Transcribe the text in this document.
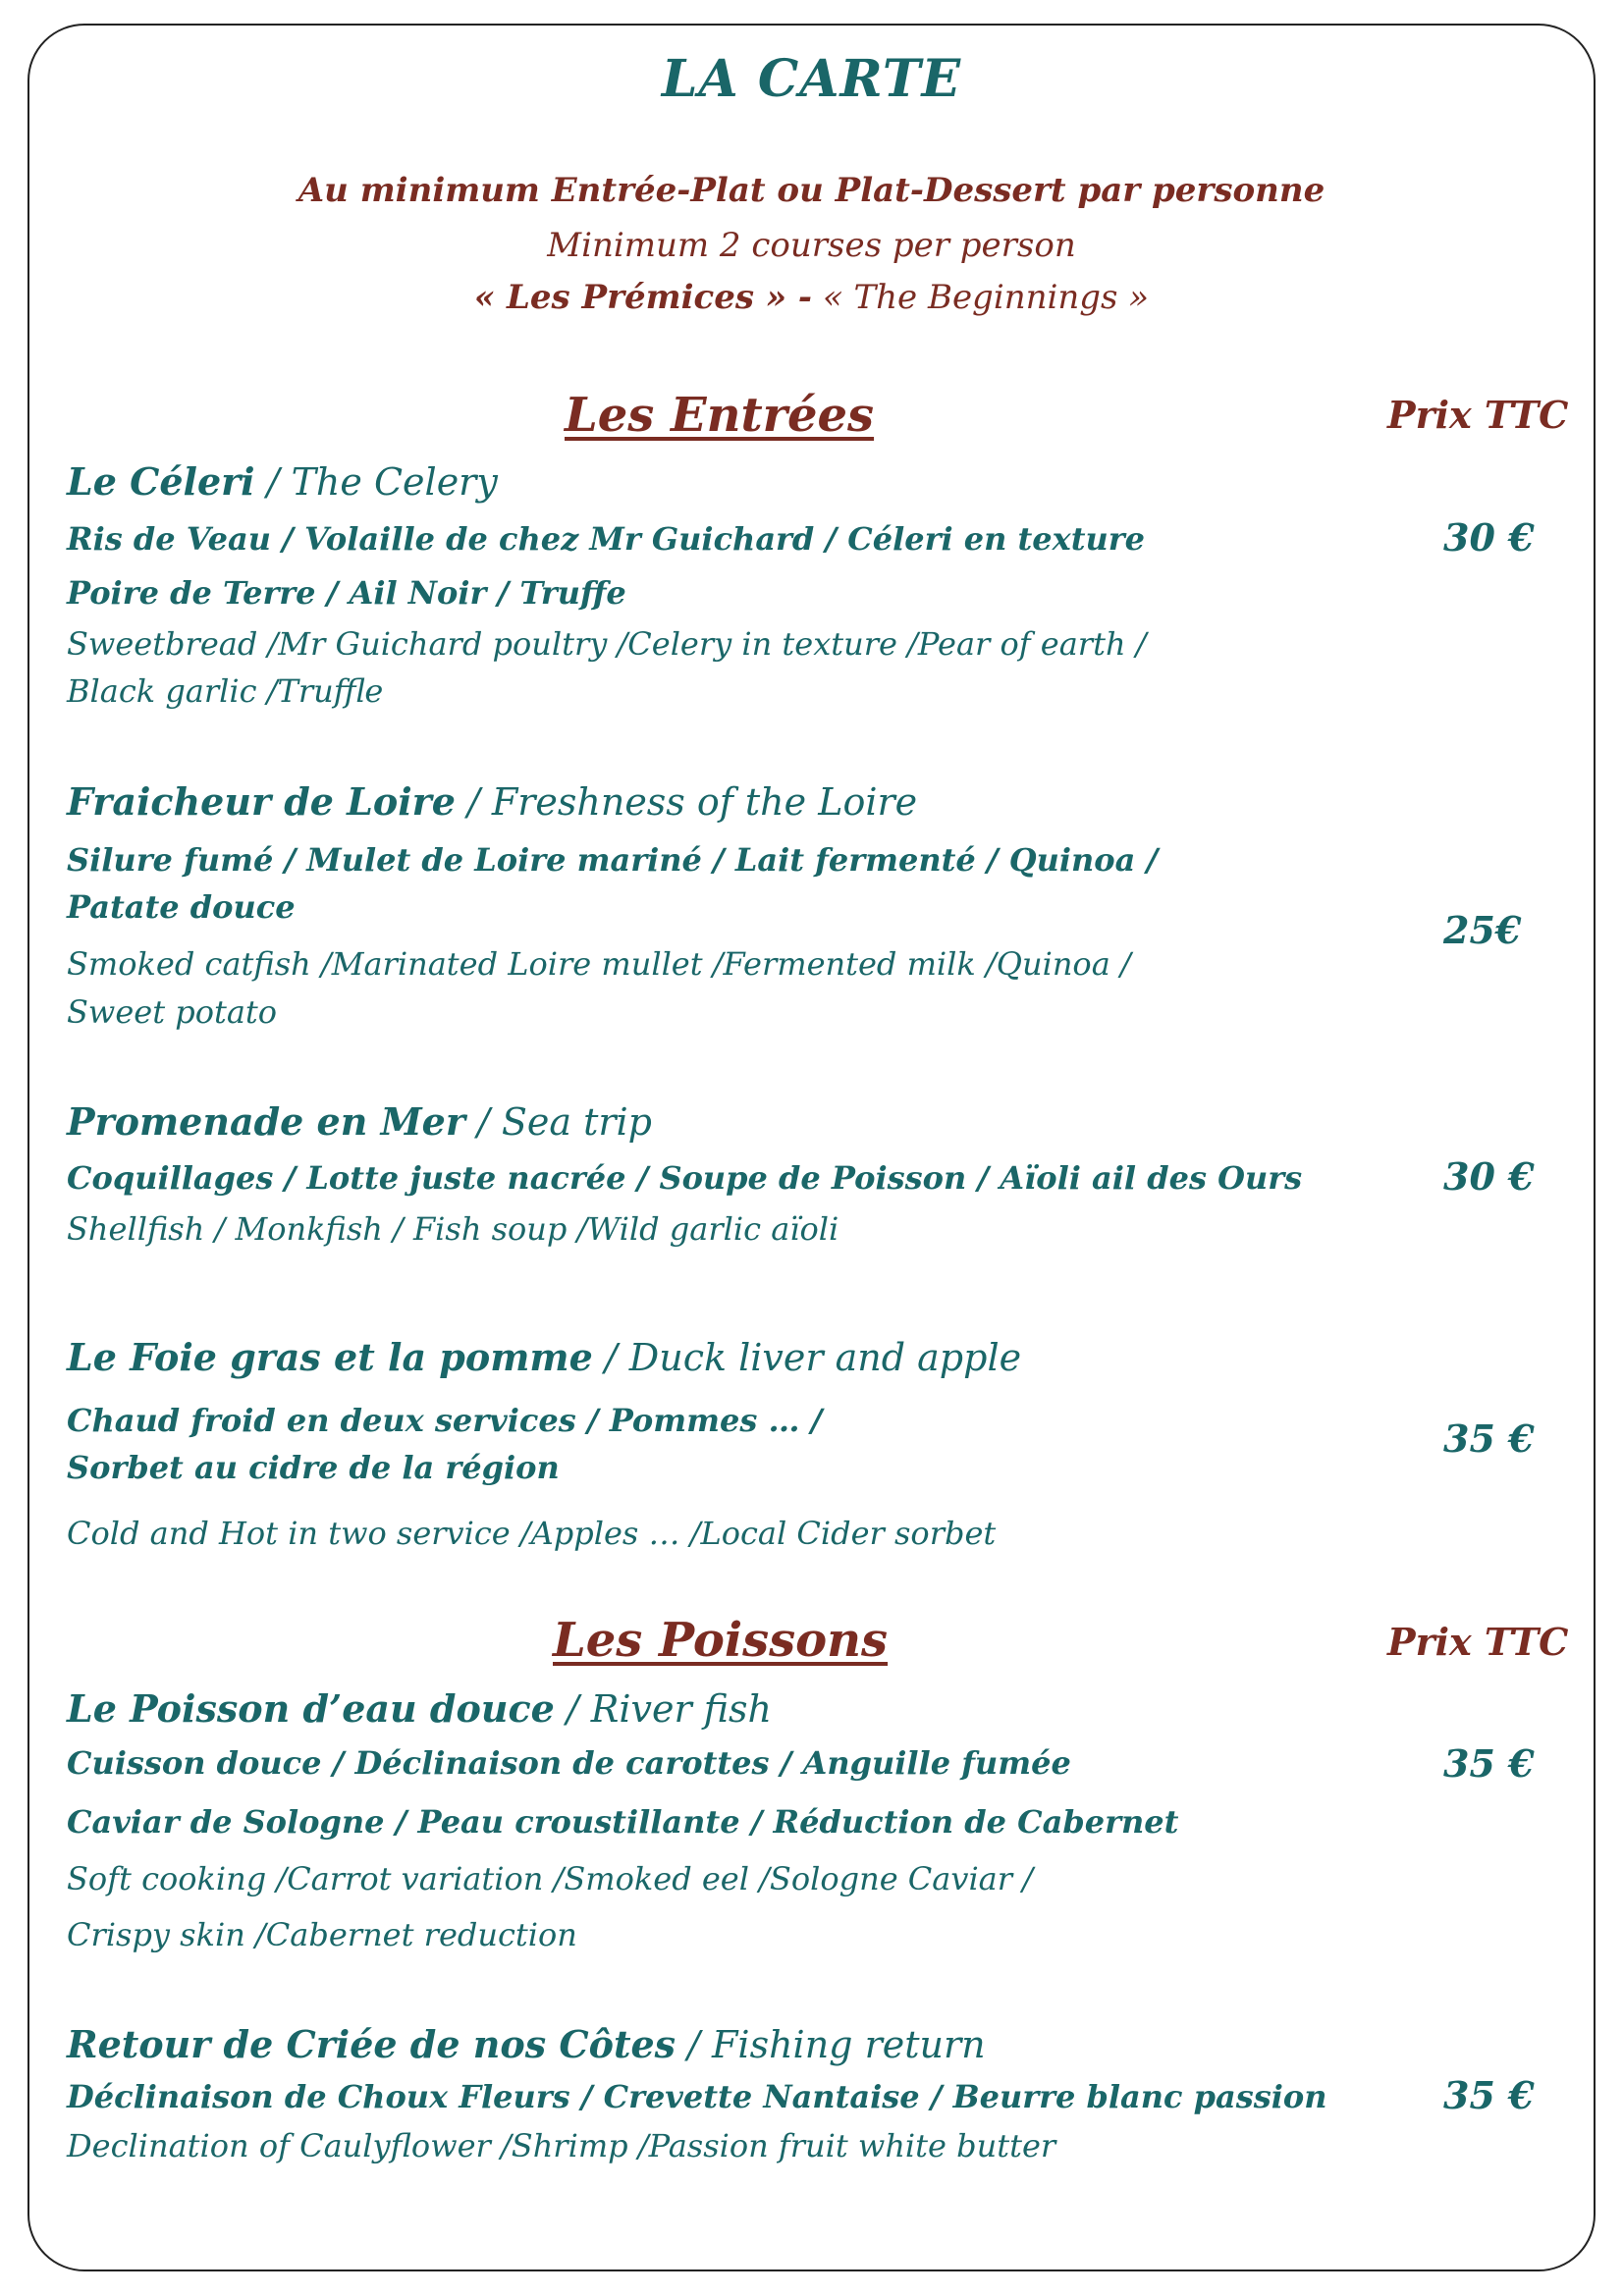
LA CARTE
Au minimum Entrée-Plat ou Plat-Dessert par personne
Minimum 2 courses per person
« Les Prémices » - « The Beginnings »
Les Entrées	Prix TTC
Le Céleri / The Celery
Ris de Veau / Volaille de chez Mr Guichard / Céleri en texture
Poire de Terre / Ail Noir / Truffe
Sweetbread /Mr Guichard poultry /Celery in texture /Pear of earth /
Black garlic /Truffle
30 €
Fraicheur de Loire / Freshness of the Loire
Silure fumé / Mulet de Loire mariné / Lait fermenté / Quinoa /
Patate douce
Smoked catfish /Marinated Loire mullet /Fermented milk /Quinoa /
Sweet potato
25€
Promenade en Mer / Sea trip
Coquillages / Lotte juste nacrée / Soupe de Poisson / Aïoli ail des Ours
Shellfish / Monkfish / Fish soup /Wild garlic aïoli
30 €
Le Foie gras et la pomme / Duck liver and apple
Chaud froid en deux services / Pommes … /
Sorbet au cidre de la région
Cold and Hot in two service /Apples … /Local Cider sorbet
35 €
Les Poissons	Prix TTC
Le Poisson d’eau douce / River fish
Cuisson douce / Déclinaison de carottes / Anguille fumée
Caviar de Sologne / Peau croustillante / Réduction de Cabernet
Soft cooking /Carrot variation /Smoked eel /Sologne Caviar /
Crispy skin /Cabernet reduction
35 €
Retour de Criée de nos Côtes / Fishing return
Déclinaison de Choux Fleurs / Crevette Nantaise / Beurre blanc passion
Declination of Caulyflower /Shrimp /Passion fruit white butter
35 €
